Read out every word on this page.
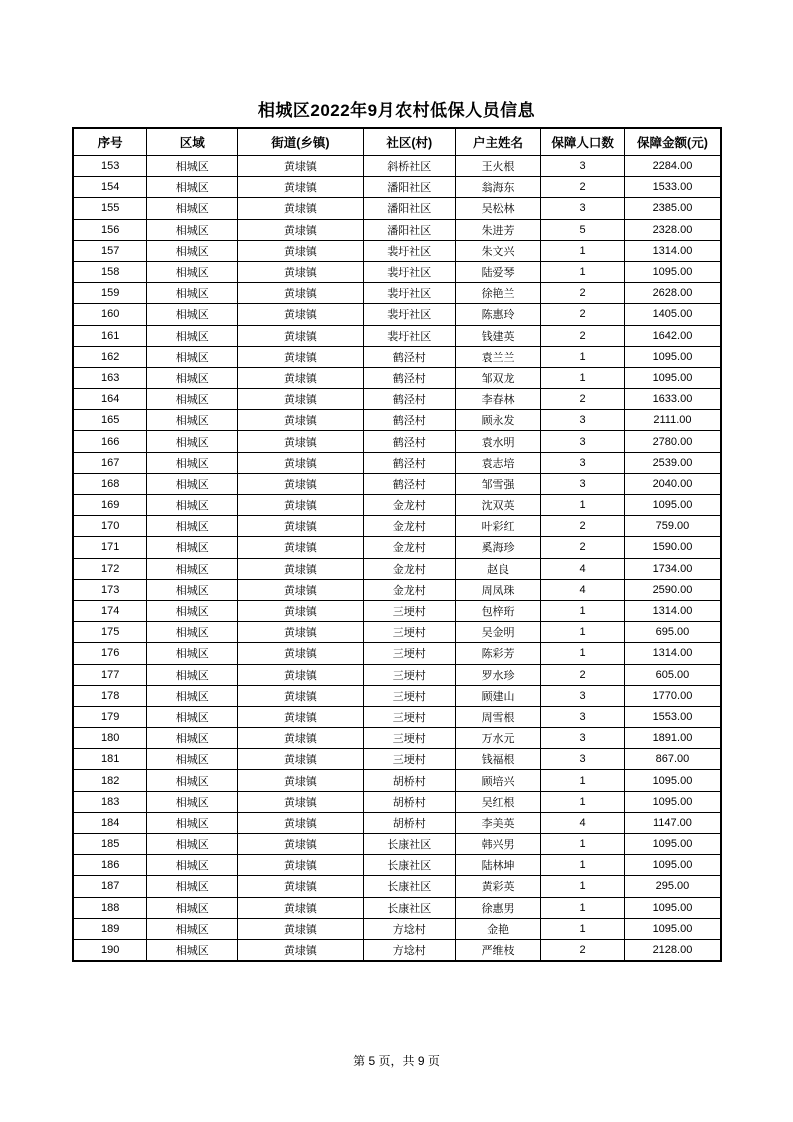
相城区2022年9月农村低保人员信息
序号	区域	街道(乡镇)	社区(村)	户主姓名	保障人口数	保障金额(元)
153	相城区	黄埭镇	斜桥社区	王火根	3	2284.00
154	相城区	黄埭镇	潘阳社区	翁海东	2	1533.00
155	相城区	黄埭镇	潘阳社区	吴松林	3	2385.00
156	相城区	黄埭镇	潘阳社区	朱进芳	5	2328.00
157	相城区	黄埭镇	裴圩社区	朱文兴	1	1314.00
158	相城区	黄埭镇	裴圩社区	陆爱琴	1	1095.00
159	相城区	黄埭镇	裴圩社区	徐艳兰	2	2628.00
160	相城区	黄埭镇	裴圩社区	陈惠玲	2	1405.00
161	相城区	黄埭镇	裴圩社区	钱建英	2	1642.00
162	相城区	黄埭镇	鹤泾村	袁兰兰	1	1095.00
163	相城区	黄埭镇	鹤泾村	邹双龙	1	1095.00
164	相城区	黄埭镇	鹤泾村	李春林	2	1633.00
165	相城区	黄埭镇	鹤泾村	顾永发	3	2111.00
166	相城区	黄埭镇	鹤泾村	袁水明	3	2780.00
167	相城区	黄埭镇	鹤泾村	袁志培	3	2539.00
168	相城区	黄埭镇	鹤泾村	邹雪强	3	2040.00
169	相城区	黄埭镇	金龙村	沈双英	1	1095.00
170	相城区	黄埭镇	金龙村	叶彩红	2	759.00
171	相城区	黄埭镇	金龙村	奚海珍	2	1590.00
172	相城区	黄埭镇	金龙村	赵良	4	1734.00
173	相城区	黄埭镇	金龙村	周凤珠	4	2590.00
174	相城区	黄埭镇	三埂村	包梓珩	1	1314.00
175	相城区	黄埭镇	三埂村	吴金明	1	695.00
176	相城区	黄埭镇	三埂村	陈彩芳	1	1314.00
177	相城区	黄埭镇	三埂村	罗水珍	2	605.00
178	相城区	黄埭镇	三埂村	顾建山	3	1770.00
179	相城区	黄埭镇	三埂村	周雪根	3	1553.00
180	相城区	黄埭镇	三埂村	万水元	3	1891.00
181	相城区	黄埭镇	三埂村	钱福根	3	867.00
182	相城区	黄埭镇	胡桥村	顾培兴	1	1095.00
183	相城区	黄埭镇	胡桥村	吴红根	1	1095.00
184	相城区	黄埭镇	胡桥村	李美英	4	1147.00
185	相城区	黄埭镇	长康社区	韩兴男	1	1095.00
186	相城区	黄埭镇	长康社区	陆林坤	1	1095.00
187	相城区	黄埭镇	长康社区	黄彩英	1	295.00
188	相城区	黄埭镇	长康社区	徐惠男	1	1095.00
189	相城区	黄埭镇	方埝村	金艳	1	1095.00
190	相城区	黄埭镇	方埝村	严维枝	2	2128.00
第 5 页，共 9 页
